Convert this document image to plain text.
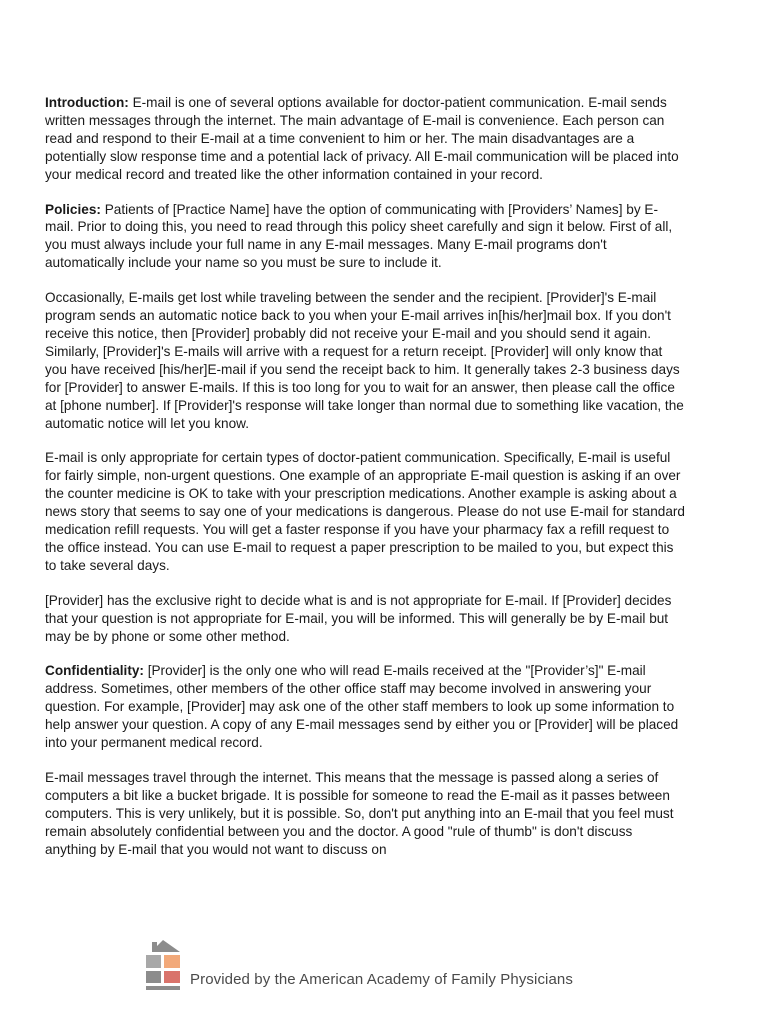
Introduction: E-mail is one of several options available for doctor-patient communication. E-mail sends written messages through the internet. The main advantage of E-mail is convenience. Each person can read and respond to their E-mail at a time convenient to him or her. The main disadvantages are a potentially slow response time and a potential lack of privacy. All E-mail communication will be placed into your medical record and treated like the other information contained in your record.

Policies: Patients of [Practice Name] have the option of communicating with [Providers’ Names] by E-mail. Prior to doing this, you need to read through this policy sheet carefully and sign it below. First of all, you must always include your full name in any E-mail messages. Many E-mail programs don't automatically include your name so you must be sure to include it.

Occasionally, E-mails get lost while traveling between the sender and the recipient. [Provider]'s E-mail program sends an automatic notice back to you when your E-mail arrives in[his/her]mail box. If you don't receive this notice, then [Provider] probably did not receive your E-mail and you should send it again. Similarly, [Provider]'s E-mails will arrive with a request for a return receipt. [Provider] will only know that you have received [his/her]E-mail if you send the receipt back to him. It generally takes 2-3 business days for [Provider] to answer E-mails. If this is too long for you to wait for an answer, then please call the office at [phone number]. If [Provider]'s response will take longer than normal due to something like vacation, the automatic notice will let you know.

E-mail is only appropriate for certain types of doctor-patient communication. Specifically, E-mail is useful for fairly simple, non-urgent questions. One example of an appropriate E-mail question is asking if an over the counter medicine is OK to take with your prescription medications. Another example is asking about a news story that seems to say one of your medications is dangerous. Please do not use E-mail for standard medication refill requests. You will get a faster response if you have your pharmacy fax a refill request to the office instead. You can use E-mail to request a paper prescription to be mailed to you, but expect this to take several days.

[Provider] has the exclusive right to decide what is and is not appropriate for E-mail. If [Provider] decides that your question is not appropriate for E-mail, you will be informed. This will generally be by E-mail but may be by phone or some other method.

Confidentiality: [Provider] is the only one who will read E-mails received at the "[Provider’s]" E-mail address. Sometimes, other members of the other office staff may become involved in answering your question. For example, [Provider] may ask one of the other staff members to look up some information to help answer your question. A copy of any E-mail messages send by either you or [Provider] will be placed into your permanent medical record.

E-mail messages travel through the internet. This means that the message is passed along a series of computers a bit like a bucket brigade. It is possible for someone to read the E-mail as it passes between computers. This is very unlikely, but it is possible. So, don't put anything into an E-mail that you feel must remain absolutely confidential between you and the doctor. A good "rule of thumb" is don't discuss anything by E-mail that you would not want to discuss on

Provided by the American Academy of Family Physicians
